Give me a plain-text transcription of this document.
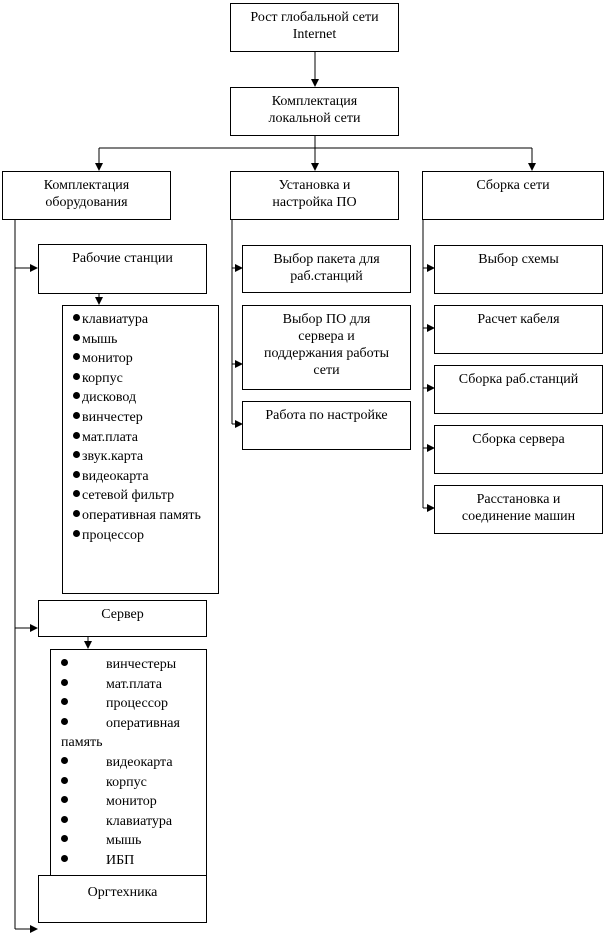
Рост глобальной сети
Internet
Комплектация
локальной сети
Комплектация
оборудования
Установка и
настройка ПО
Сборка сети
Рабочие станции
клавиатура
мышь
монитор
корпус
дисковод
винчестер
мат.плата
звук.карта
видеокарта
сетевой фильтр
оперативная память
процессор
Сервер
винчестеры
мат.плата
процессор
оперативная память
видеокарта
корпус
монитор
клавиатура
мышь
ИБП
Оргтехника
Выбор пакета для
раб.станций
Выбор ПО для
сервера и
поддержания работы
сети
Работа по настройке
Выбор схемы
Расчет кабеля
Сборка раб.станций
Сборка сервера
Расстановка и
соединение машин
